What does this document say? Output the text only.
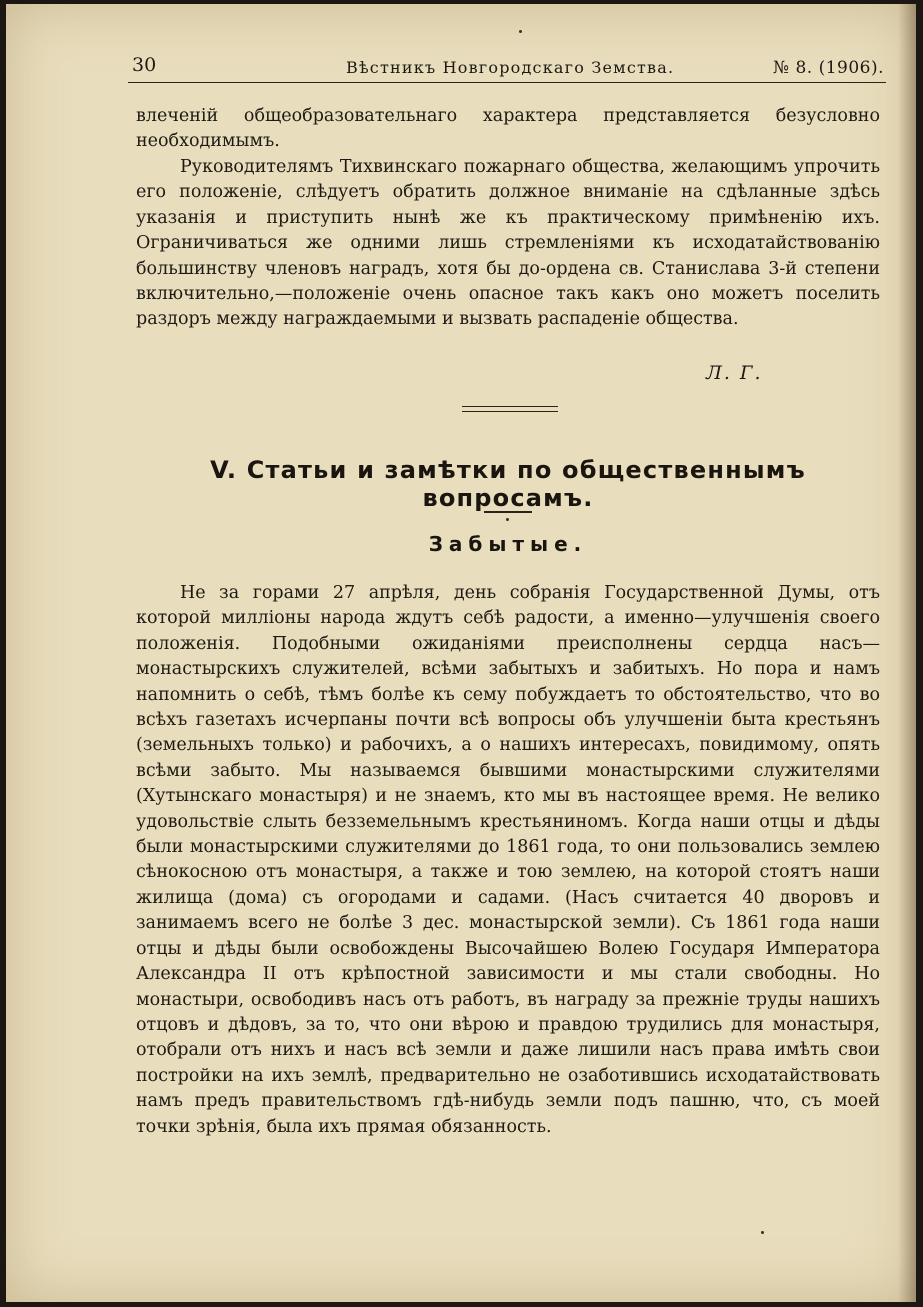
30	Вѣстникъ Новгородскаго Земства.	№ 8. (1906).

влеченій общеобразовательнаго характера представляется безусловно необходимымъ.

Руководителямъ Тихвинскаго пожарнаго общества, желающимъ упрочить его положеніе, слѣдуетъ обратить должное вниманіе на сдѣланные здѣсь указанія и приступить нынѣ же къ практическому примѣненію ихъ. Ограничиваться же одними лишь стремленіями къ исходатайствованію большинству членовъ наградъ, хотя бы до-ордена св. Станислава 3-й степени включительно,—положеніе очень опасное такъ какъ оно можетъ поселить раздоръ между награждаемыми и вызвать распаденіе общества.

Л. Г.
V. Статьи и замѣтки по общественнымъ вопросамъ.
Забытые.

Не за горами 27 апрѣля, день собранія Государственной Думы, отъ которой милліоны народа ждутъ себѣ радости, а именно—улучшенія своего положенія. Подобными ожиданіями преисполнены сердца насъ—монастырскихъ служителей, всѣми забытыхъ и забитыхъ. Но пора и намъ напомнить о себѣ, тѣмъ болѣе къ сему побуждаетъ то обстоятельство, что во всѣхъ газетахъ исчерпаны почти всѣ вопросы объ улучшеніи быта крестьянъ (земельныхъ только) и рабочихъ, а о нашихъ интересахъ, повидимому, опять всѣми забыто. Мы называемся бывшими монастырскими служителями (Хутынскаго монастыря) и не знаемъ, кто мы въ настоящее время. Не велико удовольствіе слыть безземельнымъ крестьяниномъ. Когда наши отцы и дѣды были монастырскими служителями до 1861 года, то они пользовались землею сѣнокосною отъ монастыря, а также и тою землею, на которой стоятъ наши жилища (дома) съ огородами и садами. (Насъ считается 40 дворовъ и занимаемъ всего не болѣе 3 дес. монастырской земли). Съ 1861 года наши отцы и дѣды были освобождены Высочайшею Волею Государя Императора Александра II отъ крѣпостной зависимости и мы стали свободны. Но монастыри, освободивъ насъ отъ работъ, въ награду за прежніе труды нашихъ отцовъ и дѣдовъ, за то, что они вѣрою и правдою трудились для монастыря, отобрали отъ нихъ и насъ всѣ земли и даже лишили насъ права имѣть свои постройки на ихъ землѣ, предварительно не озаботившись исходатайствовать намъ предъ правительствомъ гдѣ-нибудь земли подъ пашню, что, съ моей точки зрѣнія, была ихъ прямая обязанность.
